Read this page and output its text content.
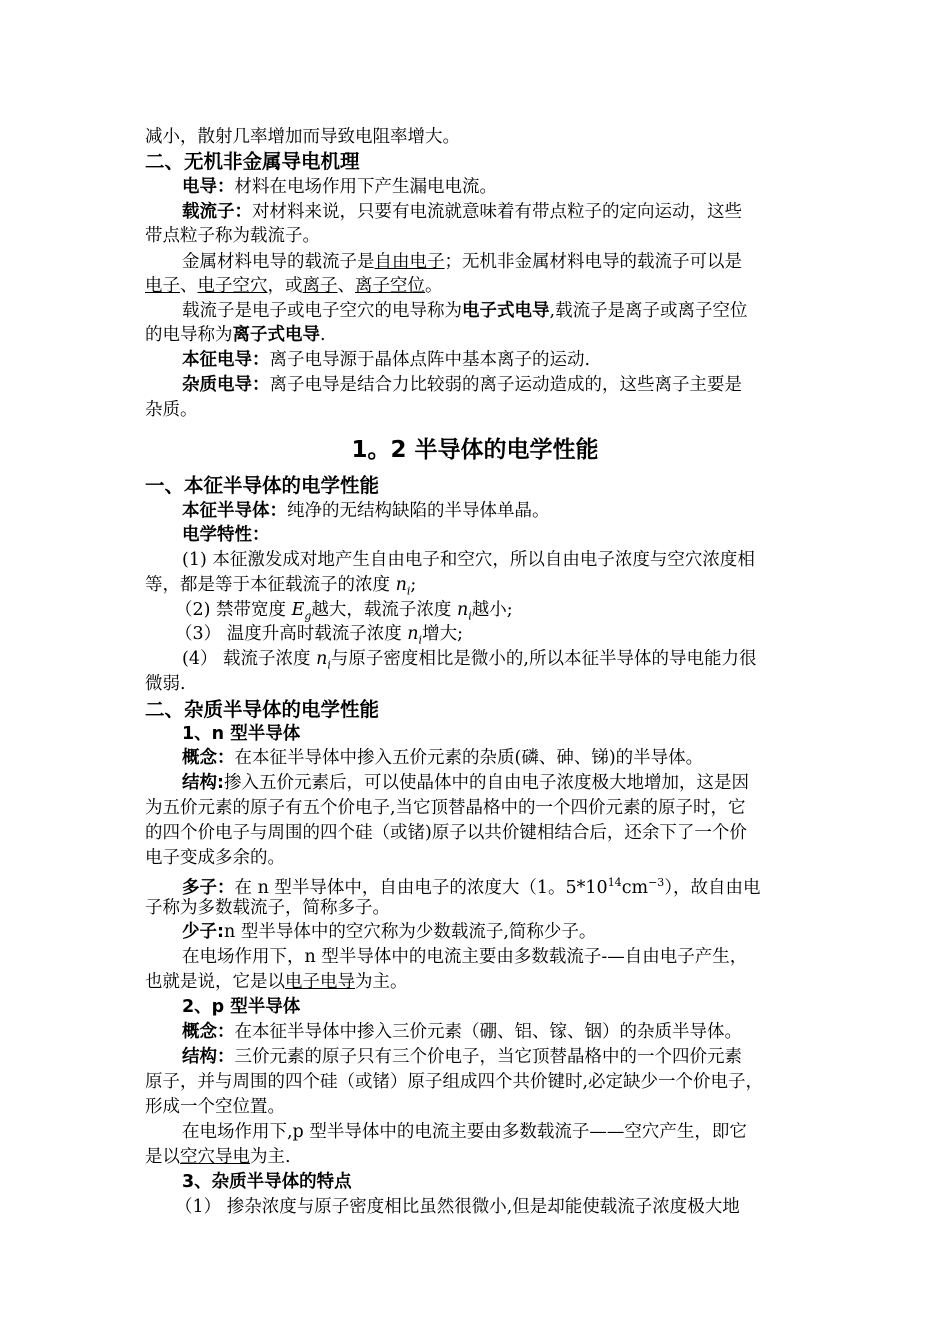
减小，散射几率增加而导致电阻率增大。
二、无机非金属导电机理
电导：材料在电场作用下产生漏电电流。
载流子：对材料来说，只要有电流就意味着有带点粒子的定向运动，这些
带点粒子称为载流子。
金属材料电导的载流子是自由电子；无机非金属材料电导的载流子可以是
电子、电子空穴，或离子、离子空位。
载流子是电子或电子空穴的电导称为电子式电导,载流子是离子或离子空位
的电导称为离子式电导.
本征电导：离子电导源于晶体点阵中基本离子的运动.
杂质电导：离子电导是结合力比较弱的离子运动造成的，这些离子主要是
杂质。
1。2 半导体的电学性能
一、本征半导体的电学性能
本征半导体：纯净的无结构缺陷的半导体单晶。
电学特性：
(1) 本征激发成对地产生自由电子和空穴，所以自由电子浓度与空穴浓度相
等，都是等于本征载流子的浓度 $n_i$;
（2) 禁带宽度 $E_g$越大，载流子浓度 $n_i$越小;
（3） 温度升高时载流子浓度 $n_i$增大;
(4） 载流子浓度 $n_i$与原子密度相比是微小的,所以本征半导体的导电能力很
微弱.
二、杂质半导体的电学性能
1、n 型半导体
概念：在本征半导体中掺入五价元素的杂质(磷、砷、锑)的半导体。
结构:掺入五价元素后，可以使晶体中的自由电子浓度极大地增加，这是因
为五价元素的原子有五个价电子,当它顶替晶格中的一个四价元素的原子时，它
的四个价电子与周围的四个硅（或锗)原子以共价键相结合后，还余下了一个价
电子变成多余的。
多子：在 n 型半导体中，自由电子的浓度大（1。$5*10^{14}cm^{-3}$），故自由电
子称为多数载流子，简称多子。
少子:n 型半导体中的空穴称为少数载流子,简称少子。
在电场作用下，n 型半导体中的电流主要由多数载流子-—自由电子产生，
也就是说，它是以电子电导为主。
2、p 型半导体
概念：在本征半导体中掺入三价元素（硼、铝、镓、铟）的杂质半导体。
结构：三价元素的原子只有三个价电子，当它顶替晶格中的一个四价元素
原子，并与周围的四个硅（或锗）原子组成四个共价键时,必定缺少一个价电子，
形成一个空位置。
在电场作用下,p 型半导体中的电流主要由多数载流子——空穴产生，即它
是以空穴导电为主.
3、杂质半导体的特点
（1） 掺杂浓度与原子密度相比虽然很微小,但是却能使载流子浓度极大地
